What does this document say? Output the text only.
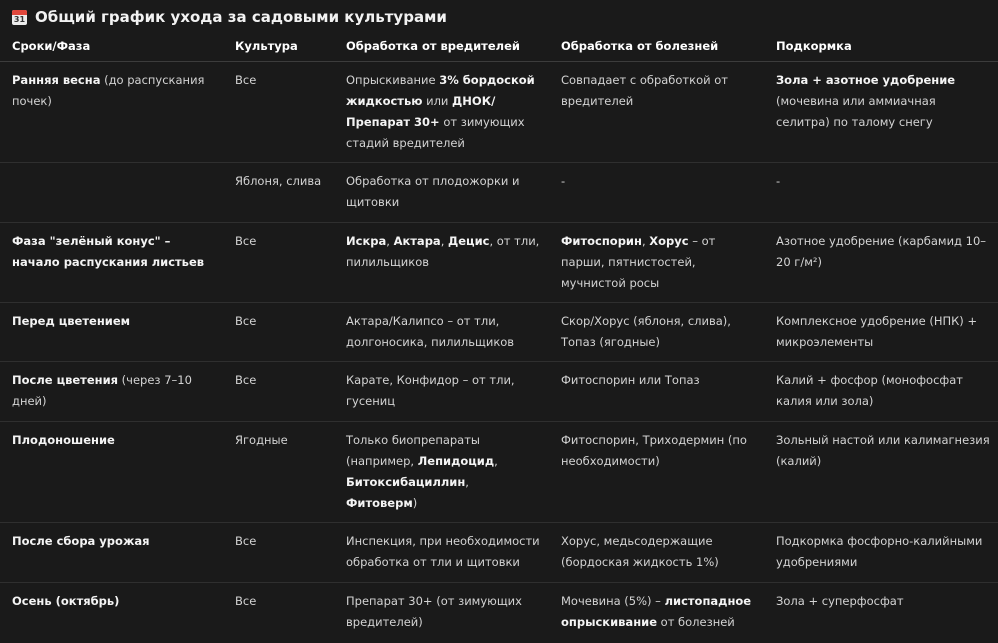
31 Общий график ухода за садовыми культурами
Сроки/Фаза	Культура	Обработка от вредителей	Обработка от болезней	Подкормка
Ранняя весна (до распускания почек)	Все	Опрыскивание 3% бордоской жидкостью или ДНОК/Препарат 30+ от зимующих стадий вредителей	Совпадает с обработкой от вредителей	Зола + азотное удобрение (мочевина или аммиачная селитра) по талому снегу
	Яблоня, слива	Обработка от плодожорки и щитовки	-	-
Фаза "зелёный конус" – начало распускания листьев	Все	Искра, Актара, Децис, от тли, пилильщиков	Фитоспорин, Хорус – от парши, пятнистостей, мучнистой росы	Азотное удобрение (карбамид 10–20 г/м²)
Перед цветением	Все	Актара/Калипсо – от тли, долгоносика, пилильщиков	Скор/Хорус (яблоня, слива), Топаз (ягодные)	Комплексное удобрение (НПК) + микроэлементы
После цветения (через 7–10 дней)	Все	Карате, Конфидор – от тли, гусениц	Фитоспорин или Топаз	Калий + фосфор (монофосфат калия или зола)
Плодоношение	Ягодные	Только биопрепараты (например, Лепидоцид, Битоксибациллин, Фитоверм)	Фитоспорин, Триходермин (по необходимости)	Зольный настой или калимагнезия (калий)
После сбора урожая	Все	Инспекция, при необходимости обработка от тли и щитовки	Хорус, медьсодержащие (бордоская жидкость 1%)	Подкормка фосфорно-калийными удобрениями
Осень (октябрь)	Все	Препарат 30+ (от зимующих вредителей)	Мочевина (5%) – листопадное опрыскивание от болезней	Зола + суперфосфат
